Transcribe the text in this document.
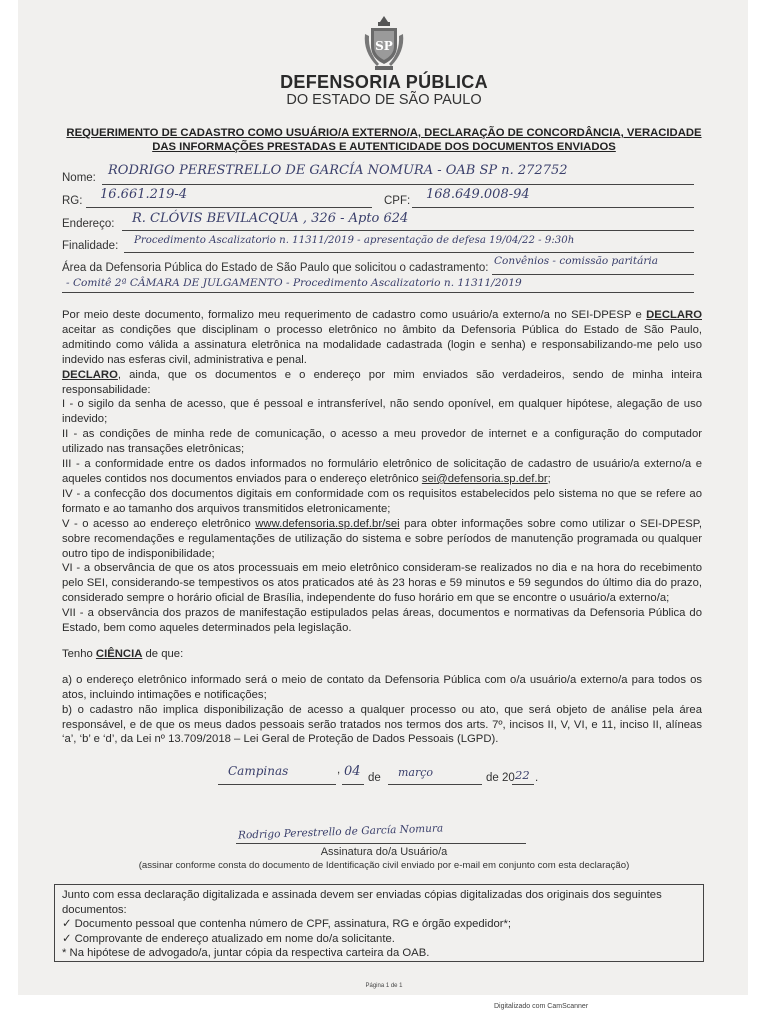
SP
DEFENSORIA PÚBLICA
DO ESTADO DE SÃO PAULO
REQUERIMENTO DE CADASTRO COMO USUÁRIO/A EXTERNO/A, DECLARAÇÃO DE CONCORDÂNCIA, VERACIDADE
DAS INFORMAÇÕES PRESTADAS E AUTENTICIDADE DOS DOCUMENTOS ENVIADOS
Nome: RODRIGO PERESTRELLO DE GARCÍA NOMURA - OAB SP n. 272752
RG: 16.661.219-4	CPF: 168.649.008-94
Endereço: R. CLÓVIS BEVILACQUA , 326 - Apto 624
Finalidade: Procedimento Ascalizatorio n. 11311/2019 - apresentação de defesa 19/04/22 - 9:30h
Área da Defensoria Pública do Estado de São Paulo que solicitou o cadastramento:
Convênios - comissão paritária
- Comitê 2ª CÂMARA DE JULGAMENTO - Procedimento Ascalizatorio n. 11311/2019

Por meio deste documento, formalizo meu requerimento de cadastro como usuário/a externo/a no SEI-DPESP e DECLARO aceitar as condições que disciplinam o processo eletrônico no âmbito da Defensoria Pública do Estado de São Paulo, admitindo como válida a assinatura eletrônica na modalidade cadastrada (login e senha) e responsabilizando-me pelo uso indevido nas esferas civil, administrativa e penal.

DECLARO, ainda, que os documentos e o endereço por mim enviados são verdadeiros, sendo de minha inteira responsabilidade:

I - o sigilo da senha de acesso, que é pessoal e intransferível, não sendo oponível, em qualquer hipótese, alegação de uso indevido;

II - as condições de minha rede de comunicação, o acesso a meu provedor de internet e a configuração do computador utilizado nas transações eletrônicas;

III - a conformidade entre os dados informados no formulário eletrônico de solicitação de cadastro de usuário/a externo/a e aqueles contidos nos documentos enviados para o endereço eletrônico sei@defensoria.sp.def.br;

IV - a confecção dos documentos digitais em conformidade com os requisitos estabelecidos pelo sistema no que se refere ao formato e ao tamanho dos arquivos transmitidos eletronicamente;

V - o acesso ao endereço eletrônico www.defensoria.sp.def.br/sei para obter informações sobre como utilizar o SEI-DPESP, sobre recomendações e regulamentações de utilização do sistema e sobre períodos de manutenção programada ou qualquer outro tipo de indisponibilidade;

VI - a observância de que os atos processuais em meio eletrônico consideram-se realizados no dia e na hora do recebimento pelo SEI, considerando-se tempestivos os atos praticados até às 23 horas e 59 minutos e 59 segundos do último dia do prazo, considerado sempre o horário oficial de Brasília, independente do fuso horário em que se encontre o usuário/a externo/a;

VII - a observância dos prazos de manifestação estipulados pelas áreas, documentos e normativas da Defensoria Pública do Estado, bem como aqueles determinados pela legislação.

Tenho CIÊNCIA de que:

a) o endereço eletrônico informado será o meio de contato da Defensoria Pública com o/a usuário/a externo/a para todos os atos, incluindo intimações e notificações;

b) o cadastro não implica disponibilização de acesso a qualquer processo ou ato, que será objeto de análise pela área responsável, e de que os meus dados pessoais serão tratados nos termos dos arts. 7º, incisos II, V, VI, e 11, inciso II, alíneas ‘a’, ‘b’ e ‘d’, da Lei nº 13.709/2018 – Lei Geral de Proteção de Dados Pessoais (LGPD).

Campinas	, 04 de março	de 20 22 .
Rodrigo Perestrello de García Nomura
Assinatura do/a Usuário/a
(assinar conforme consta do documento de Identificação civil enviado por e-mail em conjunto com esta declaração)

Junto com essa declaração digitalizada e assinada devem ser enviadas cópias digitalizadas dos originais dos seguintes documentos:

✓ Documento pessoal que contenha número de CPF, assinatura, RG e órgão expedidor*;

✓ Comprovante de endereço atualizado em nome do/a solicitante.

* Na hipótese de advogado/a, juntar cópia da respectiva carteira da OAB.

Página 1 de 1
Digitalizado com CamScanner
